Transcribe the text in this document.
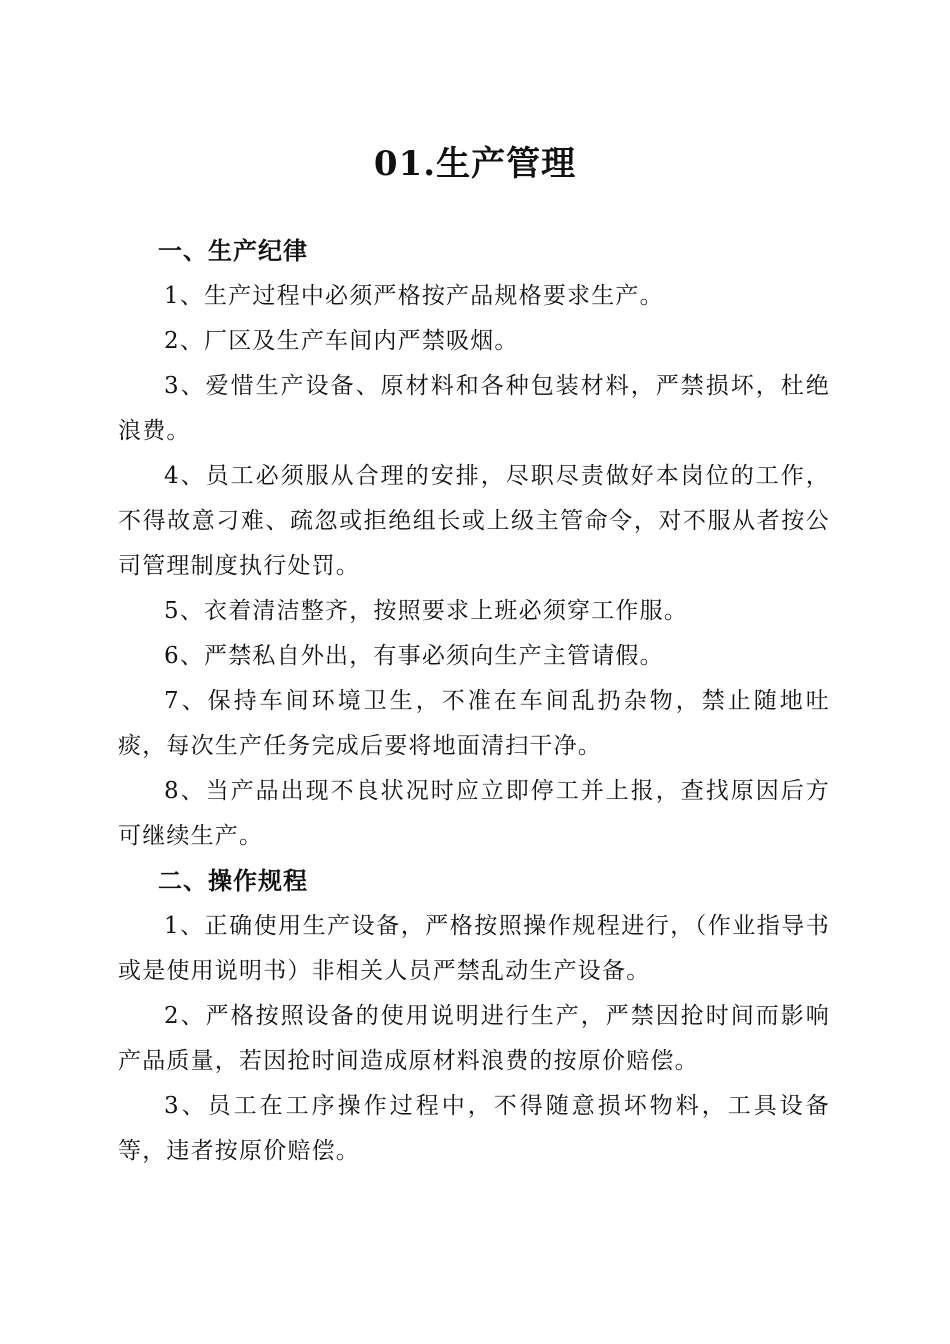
01.生产管理

一、生产纪律

1、生产过程中必须严格按产品规格要求生产。

2、厂区及生产车间内严禁吸烟。

3、爱惜生产设备、原材料和各种包装材料，严禁损坏，杜绝浪费。

4、员工必须服从合理的安排，尽职尽责做好本岗位的工作，不得故意刁难、疏忽或拒绝组长或上级主管命令，对不服从者按公司管理制度执行处罚。

5、衣着清洁整齐，按照要求上班必须穿工作服。

6、严禁私自外出，有事必须向生产主管请假。

7、保持车间环境卫生，不准在车间乱扔杂物，禁止随地吐痰，每次生产任务完成后要将地面清扫干净。

8、当产品出现不良状况时应立即停工并上报，查找原因后方可继续生产。

二、操作规程

1、正确使用生产设备，严格按照操作规程进行，（作业指导书或是使用说明书）非相关人员严禁乱动生产设备。

2、严格按照设备的使用说明进行生产，严禁因抢时间而影响产品质量，若因抢时间造成原材料浪费的按原价赔偿。

3、员工在工序操作过程中，不得随意损坏物料，工具设备等，违者按原价赔偿。
